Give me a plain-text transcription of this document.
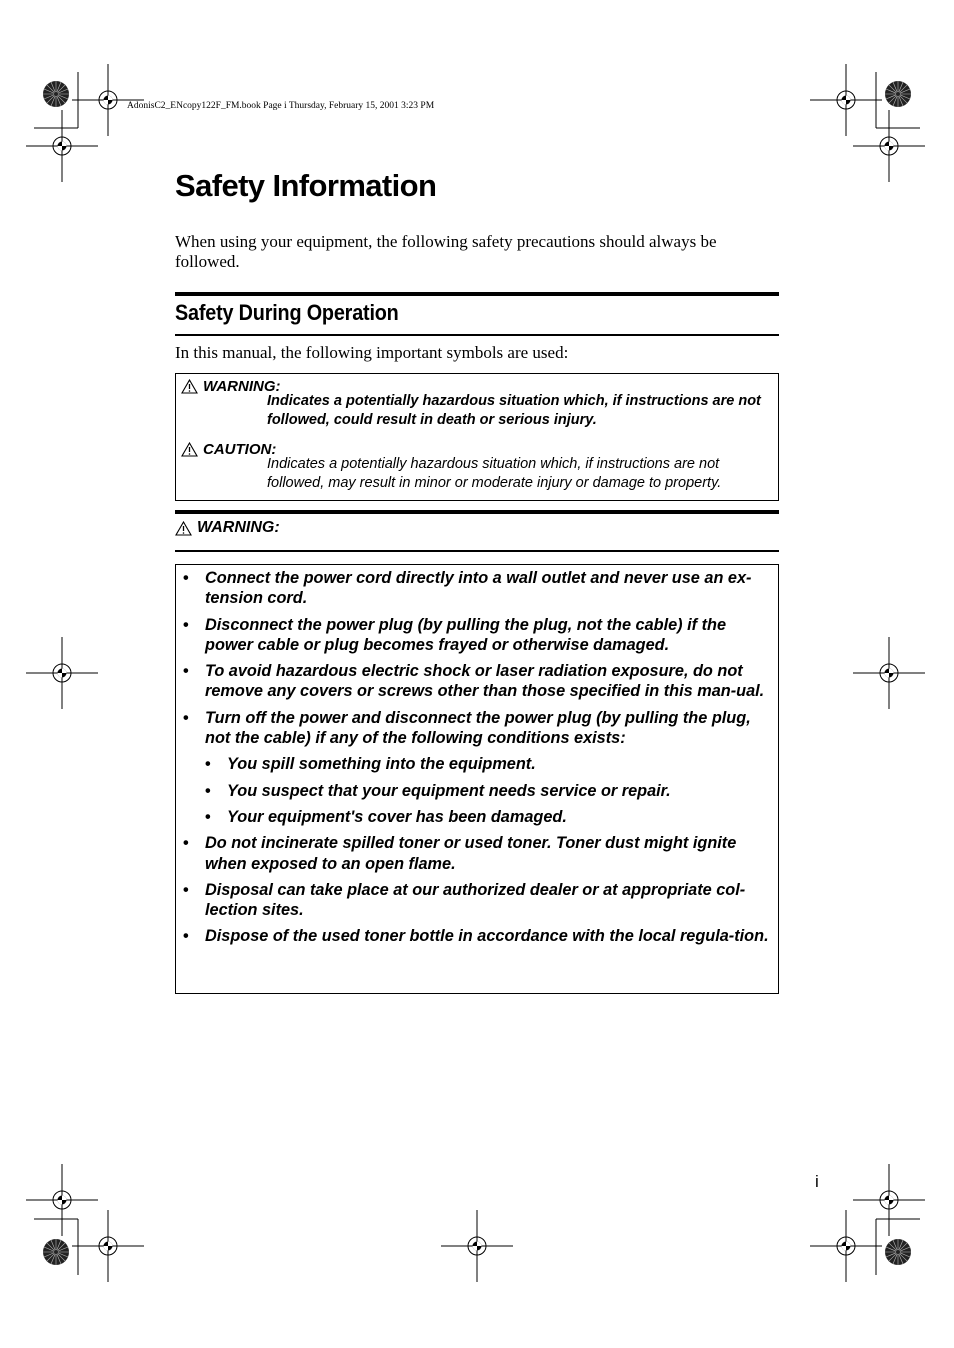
AdonisC2_ENcopy122F_FM.book Page i Thursday, February 15, 2001 3:23 PM
Safety Information

When using your equipment, the following safety precautions should always be followed.

Safety During Operation

In this manual, the following important symbols are used:

WARNING:
Indicates a potentially hazardous situation which, if instructions are not followed, could result in death or serious injury.
CAUTION:
Indicates a potentially hazardous situation which, if instructions are not followed, may result in minor or moderate injury or damage to property.
WARNING:
• Connect the power cord directly into a wall outlet and never use an ex-tension cord.
• Disconnect the power plug (by pulling the plug, not the cable) if the power cable or plug becomes frayed or otherwise damaged.
• To avoid hazardous electric shock or laser radiation exposure, do not remove any covers or screws other than those specified in this man-ual.
• Turn off the power and disconnect the power plug (by pulling the plug, not the cable) if any of the following conditions exists:
• You spill something into the equipment.
• You suspect that your equipment needs service or repair.
• Your equipment's cover has been damaged.
• Do not incinerate spilled toner or used toner. Toner dust might ignite when exposed to an open flame.
• Disposal can take place at our authorized dealer or at appropriate col-lection sites.
• Dispose of the used toner bottle in accordance with the local regula-tion.
i
